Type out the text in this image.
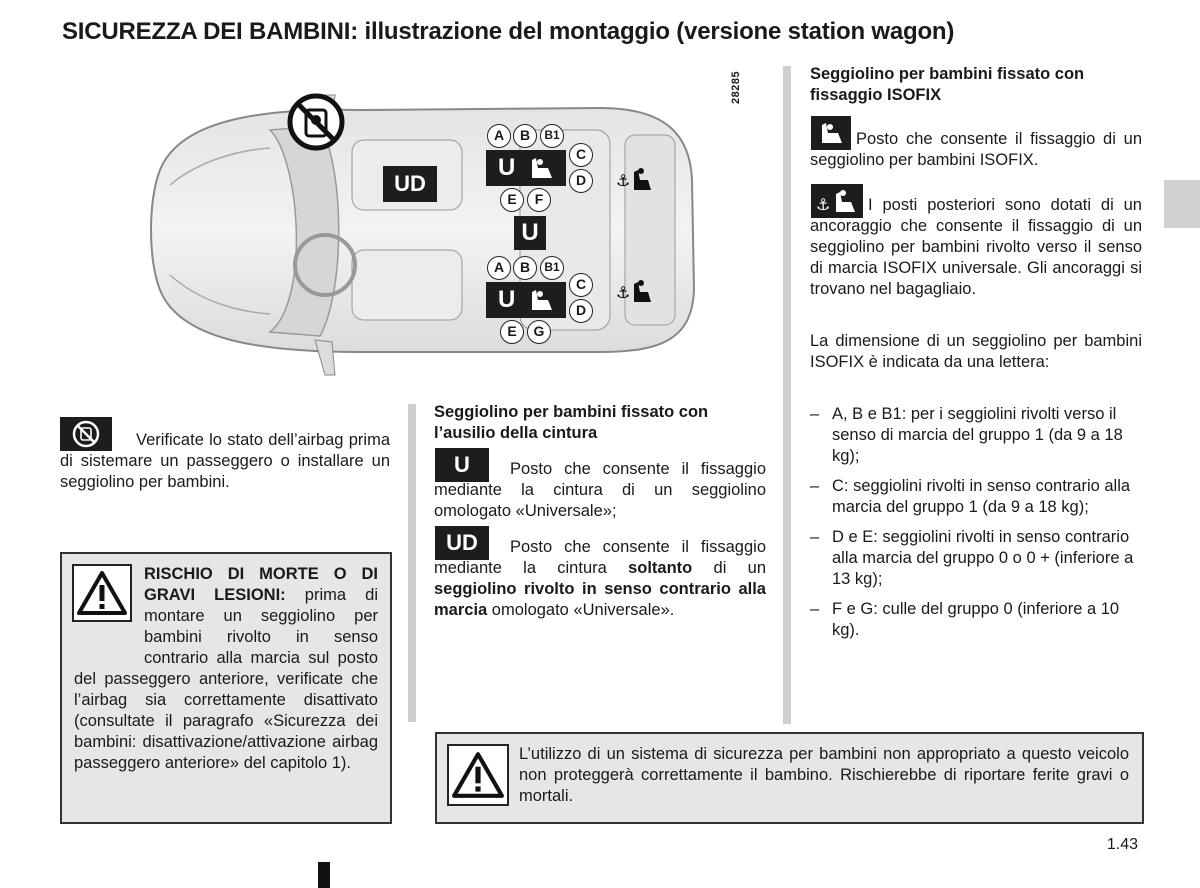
SICUREZZA DEI BAMBINI: illustrazione del montaggio (versione station wagon)
28285
UD
A	B	B1
U	C
D
E	F
U
A	B	B1
U
C
D
E	G
⚓
⚓
Verificate lo stato dell’airbag prima di sistemare un passeggero o installare un seggiolino per bambini.
RISCHIO DI MORTE O DI GRAVI LESIONI: prima di montare un seggiolino per bambini rivolto in senso contrario alla marcia sul posto del passeggero anteriore, verificate che l’airbag sia correttamente disattivato (consultate il paragrafo «Sicurezza dei bambini: disattivazione/attivazione airbag passeggero anteriore» del capitolo 1).
Seggiolino per bambini fissato con l’ausilio della cintura
U	Posto che consente il fissaggio mediante la cintura di un seggiolino omologato «Universale»;
UD	Posto che consente il fissaggio mediante la cintura soltanto di un seggiolino rivolto in senso contrario alla marcia omologato «Universale».
Seggiolino per bambini fissato con fissaggio ISOFIX
Posto che consente il fissaggio di un seggiolino per bambini ISOFIX.
⚓	I posti posteriori sono dotati di un ancoraggio che consente il fissaggio di un seggiolino per bambini rivolto verso il senso di marcia ISOFIX universale. Gli ancoraggi si trovano nel bagagliaio.
La dimensione di un seggiolino per bambini ISOFIX è indicata da una lettera:
– A, B e B1: per i seggiolini rivolti verso il senso di marcia del gruppo 1 (da 9 a 18 kg);
– C: seggiolini rivolti in senso contrario alla marcia del gruppo 1 (da 9 a 18 kg);
– D e E: seggiolini rivolti in senso contrario alla marcia del gruppo 0 o 0 + (inferiore a 13 kg);
– F e G: culle del gruppo 0 (inferiore a 10 kg).
L’utilizzo di un sistema di sicurezza per bambini non appropriato a questo veicolo non proteggerà correttamente il bambino. Rischierebbe di riportare ferite gravi o mortali.
1.43
